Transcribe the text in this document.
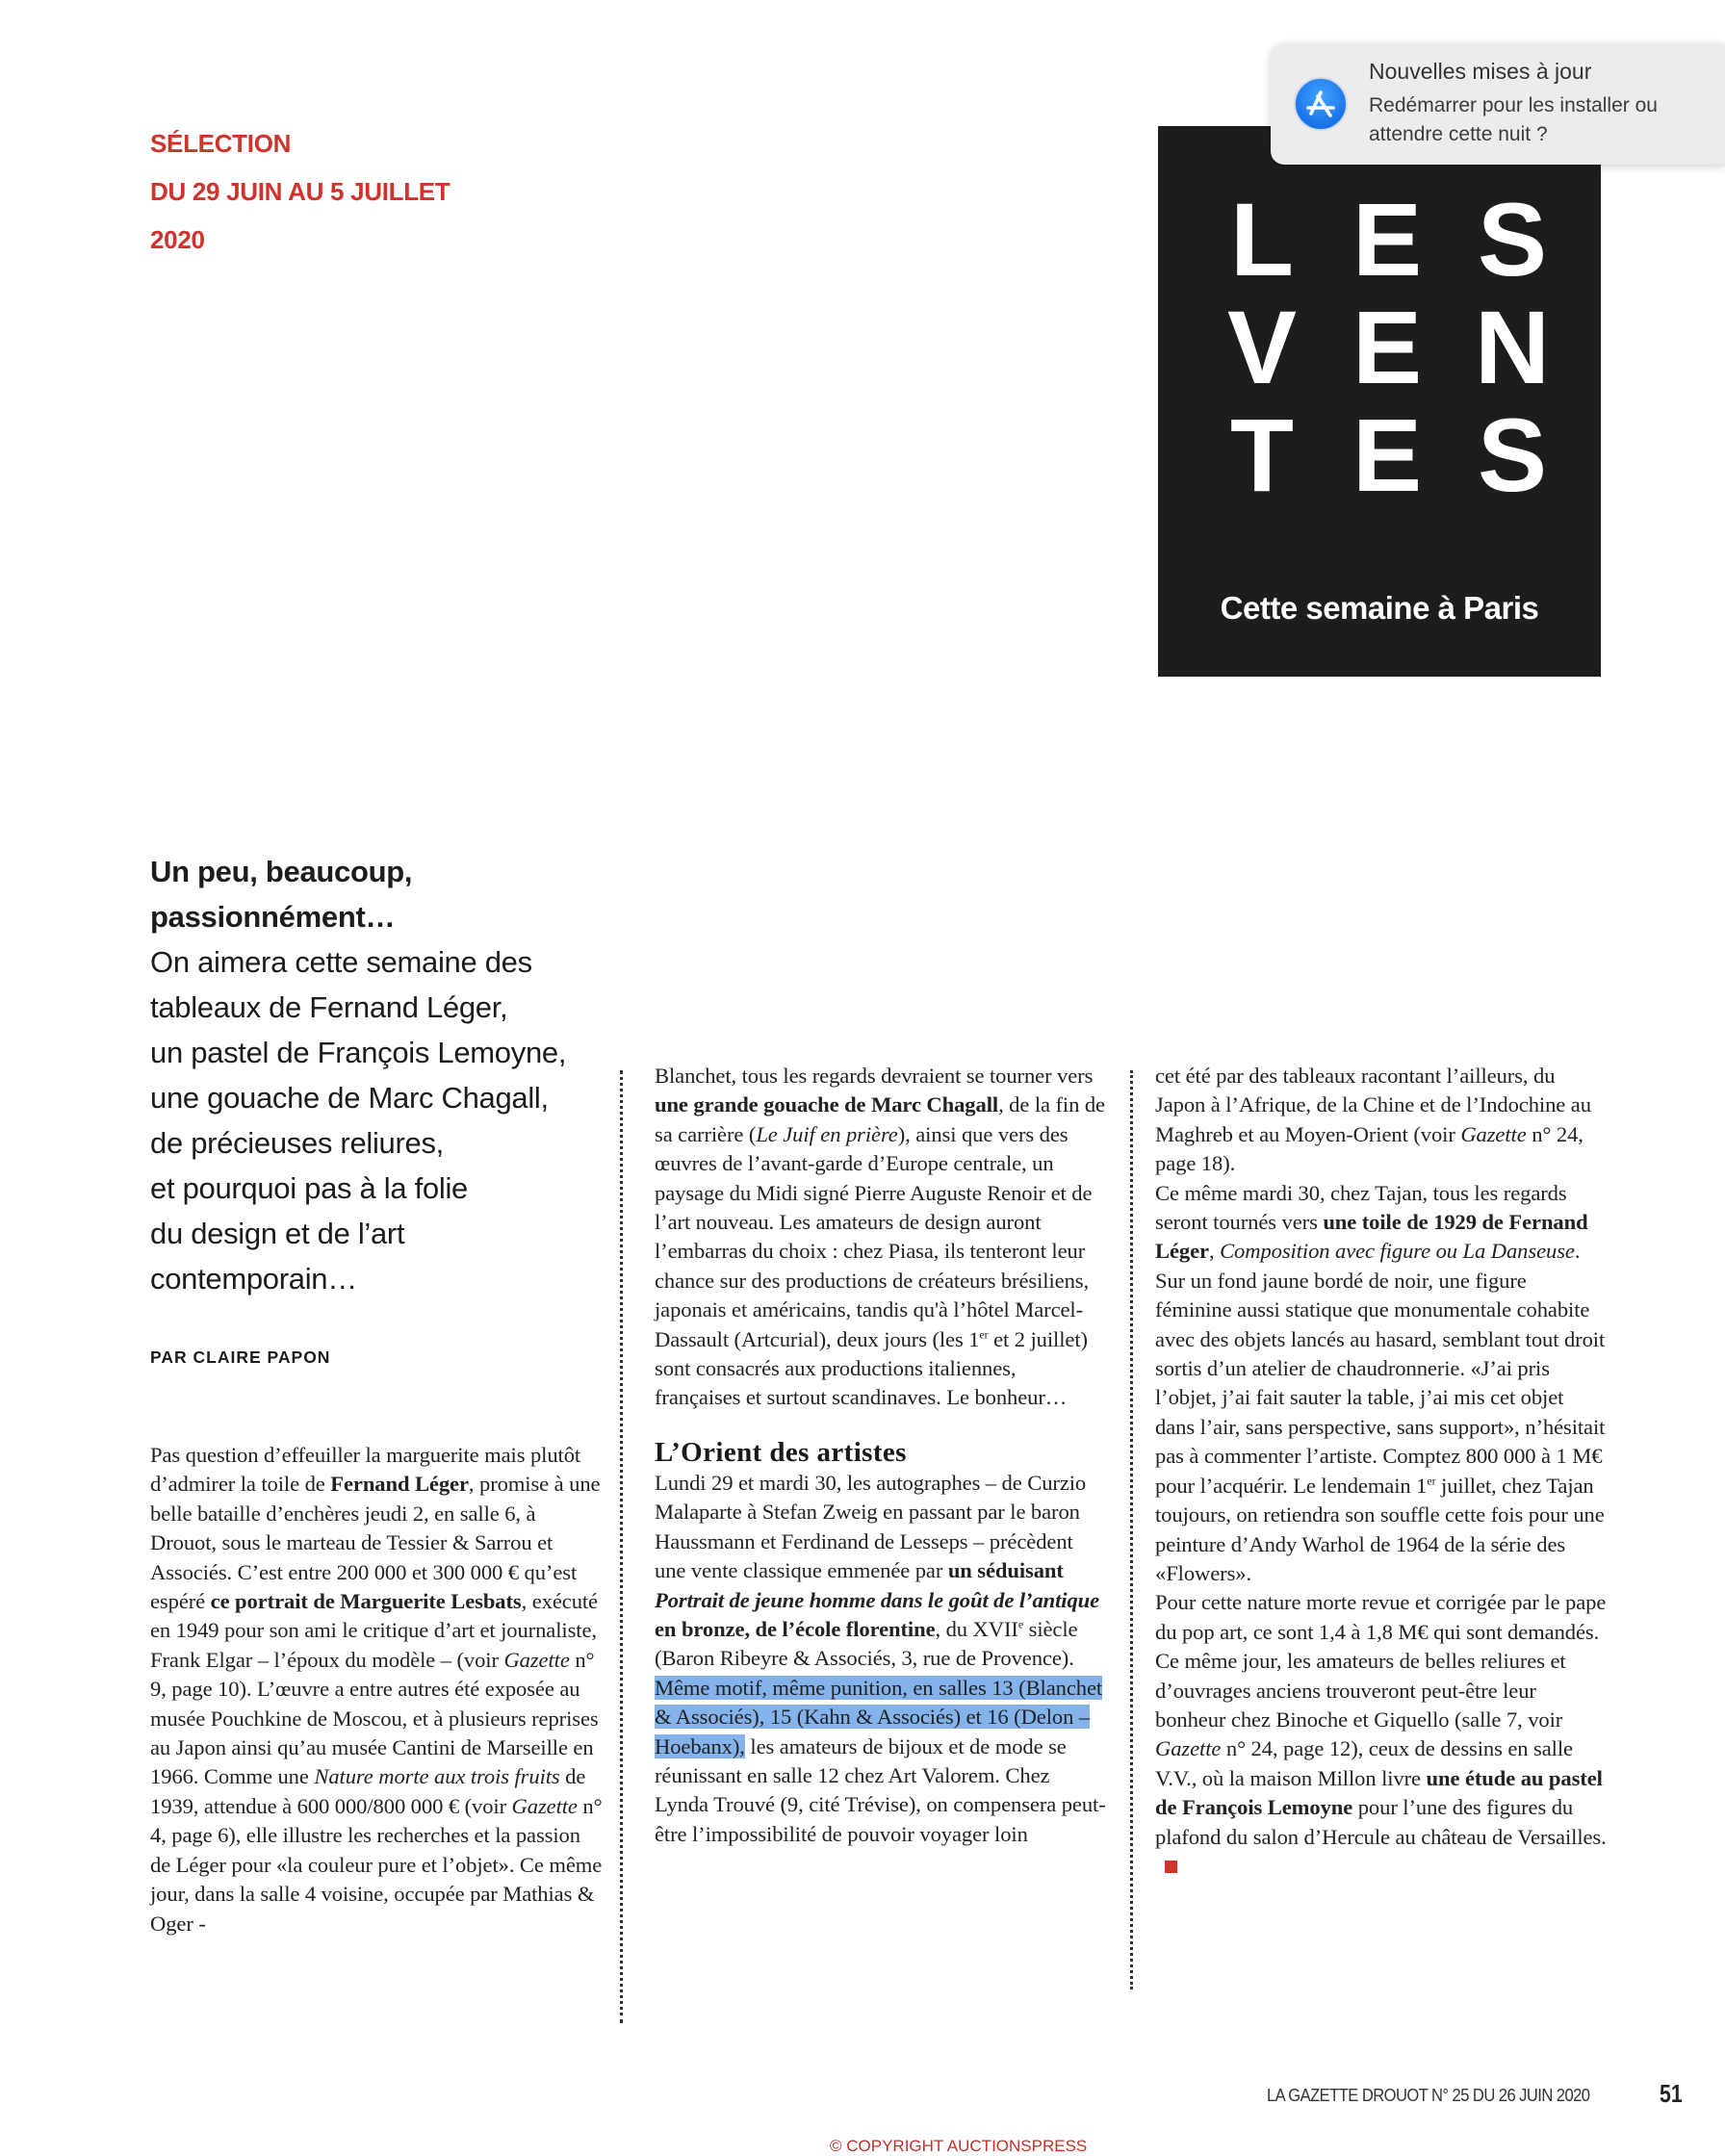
SÉLECTION
DU 29 JUIN AU 5 JUILLET
2020	L E S
V E N
T E S
Cette semaine à Paris
Nouvelles mises à jour
Redémarrer pour les installer ou attendre cette nuit ?
Un peu, beaucoup,
passionnément…
On aimera cette semaine des
tableaux de Fernand Léger,
un pastel de François Lemoyne,
une gouache de Marc Chagall,
de précieuses reliures,
et pourquoi pas à la folie
du design et de l’art
contemporain…
PAR CLAIRE PAPON

Pas question d’effeuiller la marguerite mais plutôt d’admirer la toile de Fernand Léger, promise à une belle bataille d’enchères jeudi 2, en salle 6, à Drouot, sous le marteau de Tessier & Sarrou et Associés. C’est entre 200 000 et 300 000 € qu’est espéré ce portrait de Marguerite Lesbats, exécuté en 1949 pour son ami le critique d’art et journaliste, Frank Elgar – l’époux du modèle – (voir Gazette n° 9, page 10). L’œuvre a entre autres été exposée au musée Pouchkine de Moscou, et à plusieurs reprises au Japon ainsi qu’au musée Cantini de Marseille en 1966. Comme une Nature morte aux trois fruits de 1939, attendue à 600 000/800 000 € (voir Gazette n° 4, page 6), elle illustre les recherches et la passion de Léger pour «la couleur pure et l’objet». Ce même jour, dans la salle 4 voisine, occupée par Mathias & Oger -

Blanchet, tous les regards devraient se tourner vers une grande gouache de Marc Chagall, de la fin de sa carrière (Le Juif en prière), ainsi que vers des œuvres de l’avant-garde d’Europe centrale, un paysage du Midi signé Pierre Auguste Renoir et de l’art nouveau. Les amateurs de design auront l’embarras du choix : chez Piasa, ils tenteront leur chance sur des productions de créateurs brésiliens, japonais et américains, tandis qu'à l’hôtel Marcel-Dassault (Artcurial), deux jours (les 1er et 2 juillet) sont consacrés aux productions italiennes, françaises et surtout scandinaves. Le bonheur…

L’Orient des artistes

Lundi 29 et mardi 30, les autographes – de Curzio Malaparte à Stefan Zweig en passant par le baron Haussmann et Ferdinand de Lesseps – précèdent une vente classique emmenée par un séduisant Portrait de jeune homme dans le goût de l’antique en bronze, de l’école florentine, du XVIIe siècle (Baron Ribeyre & Associés, 3, rue de Provence). Même motif, même punition, en salles 13 (Blanchet & Associés), 15 (Kahn & Associés) et 16 (Delon – Hoebanx), les amateurs de bijoux et de mode se réunissant en salle 12 chez Art Valorem. Chez Lynda Trouvé (9, cité Trévise), on compensera peut-être l’impossibilité de pouvoir voyager loin

cet été par des tableaux racontant l’ailleurs, du Japon à l’Afrique, de la Chine et de l’Indochine au Maghreb et au Moyen-Orient (voir Gazette n° 24, page 18).

Ce même mardi 30, chez Tajan, tous les regards seront tournés vers une toile de 1929 de Fernand Léger, Composition avec figure ou La Danseuse. Sur un fond jaune bordé de noir, une figure féminine aussi statique que monumentale cohabite avec des objets lancés au hasard, semblant tout droit sortis d’un atelier de chaudronnerie. «J’ai pris l’objet, j’ai fait sauter la table, j’ai mis cet objet dans l’air, sans perspective, sans support», n’hésitait pas à commenter l’artiste. Comptez 800 000 à 1 M€ pour l’acquérir. Le lendemain 1er juillet, chez Tajan toujours, on retiendra son souffle cette fois pour une peinture d’Andy Warhol de 1964 de la série des «Flowers».

Pour cette nature morte revue et corrigée par le pape du pop art, ce sont 1,4 à 1,8 M€ qui sont demandés. Ce même jour, les amateurs de belles reliures et d’ouvrages anciens trouveront peut-être leur bonheur chez Binoche et Giquello (salle 7, voir Gazette n° 24, page 12), ceux de dessins en salle V.V., où la maison Millon livre une étude au pastel de François Lemoyne pour l’une des figures du plafond du salon d’Hercule au château de Versailles.

LA GAZETTE DROUOT N° 25 DU 26 JUIN 2020	51
© COPYRIGHT AUCTIONSPRESS
